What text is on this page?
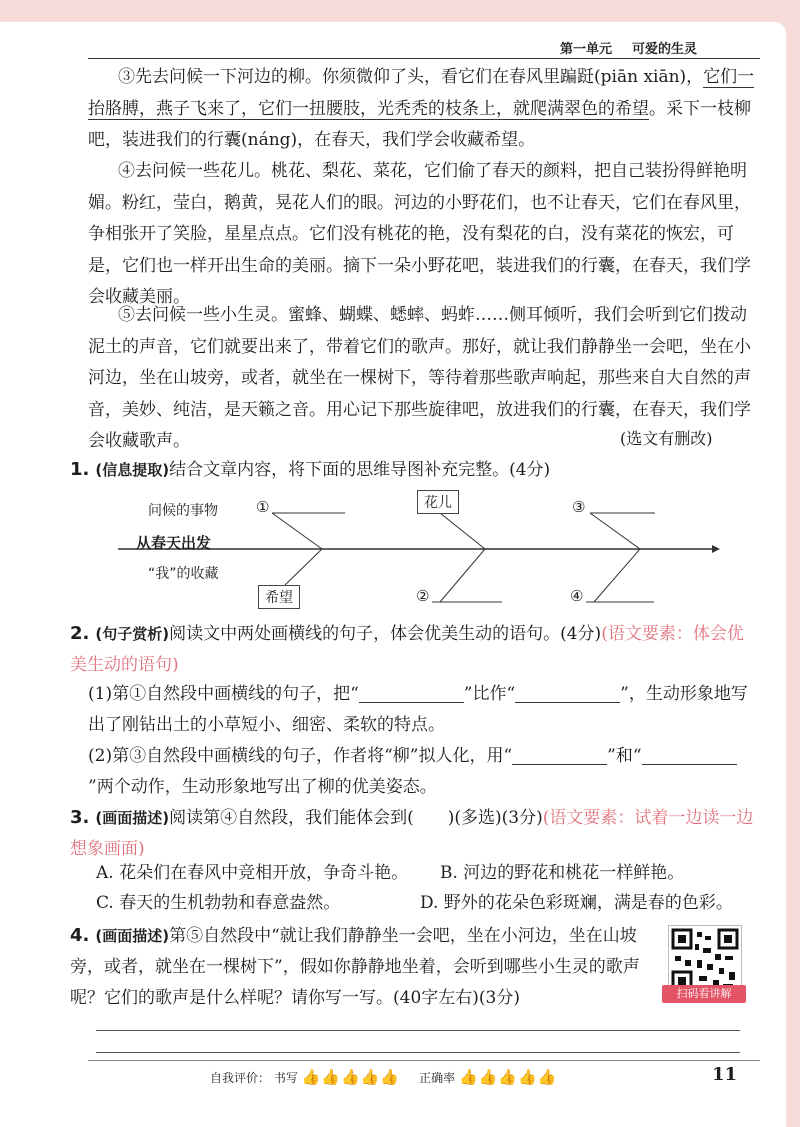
第一单元 可爱的生灵

③先去问候一下河边的柳。你须微仰了头，看它们在春风里蹁跹(piān xiān)，它们一抬胳膊，燕子飞来了，它们一扭腰肢，光秃秃的枝条上，就爬满翠色的希望。采下一枝柳吧，装进我们的行囊(náng)，在春天，我们学会收藏希望。

④去问候一些花儿。桃花、梨花、菜花，它们偷了春天的颜料，把自己装扮得鲜艳明媚。粉红，莹白，鹅黄，晃花人们的眼。河边的小野花们，也不让春天，它们在春风里，争相张开了笑脸，星星点点。它们没有桃花的艳，没有梨花的白，没有菜花的恢宏，可是，它们也一样开出生命的美丽。摘下一朵小野花吧，装进我们的行囊，在春天，我们学会收藏美丽。

⑤去问候一些小生灵。蜜蜂、蝴蝶、蟋蟀、蚂蚱……侧耳倾听，我们会听到它们拨动泥土的声音，它们就要出来了，带着它们的歌声。那好，就让我们静静坐一会吧，坐在小河边，坐在山坡旁，或者，就坐在一棵树下，等待着那些歌声响起，那些来自大自然的声音，美妙、纯洁，是天籁之音。用心记下那些旋律吧，放进我们的行囊，在春天，我们学会收藏歌声。	(选文有删改)

1. (信息提取)结合文章内容，将下面的思维导图补充完整。(4分)

问候的事物
从春天出发
“我”的收藏
①	花儿	③
希望	②	④

2. (句子赏析)阅读文中两处画横线的句子，体会优美生动的语句。(4分)(语文要素：体会优美生动的语句)

(1)第①自然段中画横线的句子，把“	”比作“	”，生动形象地写出了刚钻出土的小草短小、细密、柔软的特点。

(2)第③自然段中画横线的句子，作者将“柳”拟人化，用“	”和“”两个动作，生动形象地写出了柳的优美姿态。

3. (画面描述)阅读第④自然段，我们能体会到(　　)(多选)(3分)(语文要素：试着一边读一边想象画面)

A. 花朵们在春风中竞相开放，争奇斗艳。	B. 河边的野花和桃花一样鲜艳。
C. 春天的生机勃勃和春意盎然。	D. 野外的花朵色彩斑斓，满是春的色彩。

4. (画面描述)第⑤自然段中“就让我们静静坐一会吧，坐在小河边，坐在山坡旁，或者，就坐在一棵树下”，假如你静静地坐着，会听到哪些小生灵的歌声呢？它们的歌声是什么样呢？请你写一写。(40字左右)(3分)	扫码看讲解
自我评价： 书写 👍👍👍👍👍 正确率 👍👍👍👍👍	11
